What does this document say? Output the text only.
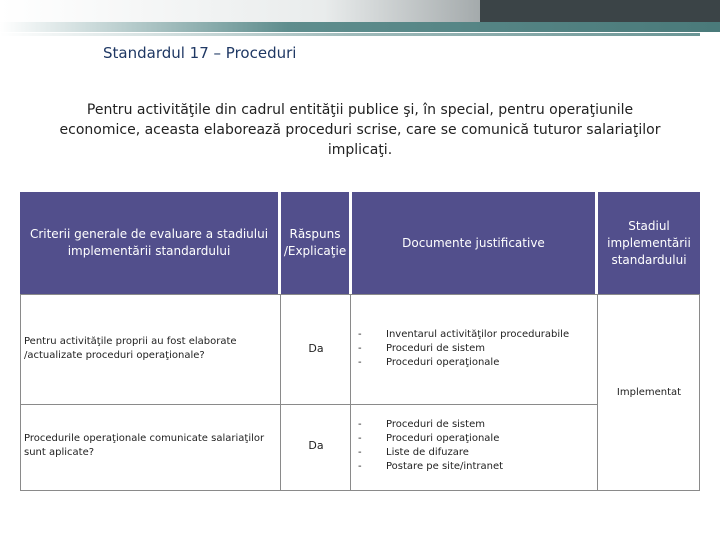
Standardul 17 – Proceduri
Pentru activităţile din cadrul entităţii publice şi, în special, pentru operaţiunile
economice, aceasta elaborează proceduri scrise, care se comunică tuturor salariaţilor
implicaţi.
Criterii generale de evaluare a stadiului implementării standardului
Răspuns /Explicaţie
Documente justificative
Stadiul implementării standardului
Pentru activităţile proprii au fost elaborate /actualizate proceduri operaţionale?
Da
- Inventarul activităţilor procedurabile
- Proceduri de sistem
- Proceduri operaţionale
Implementat
Procedurile operaţionale comunicate salariaţilor sunt aplicate?
Da
- Proceduri de sistem
- Proceduri operaţionale
- Liste de difuzare
- Postare pe site/intranet
